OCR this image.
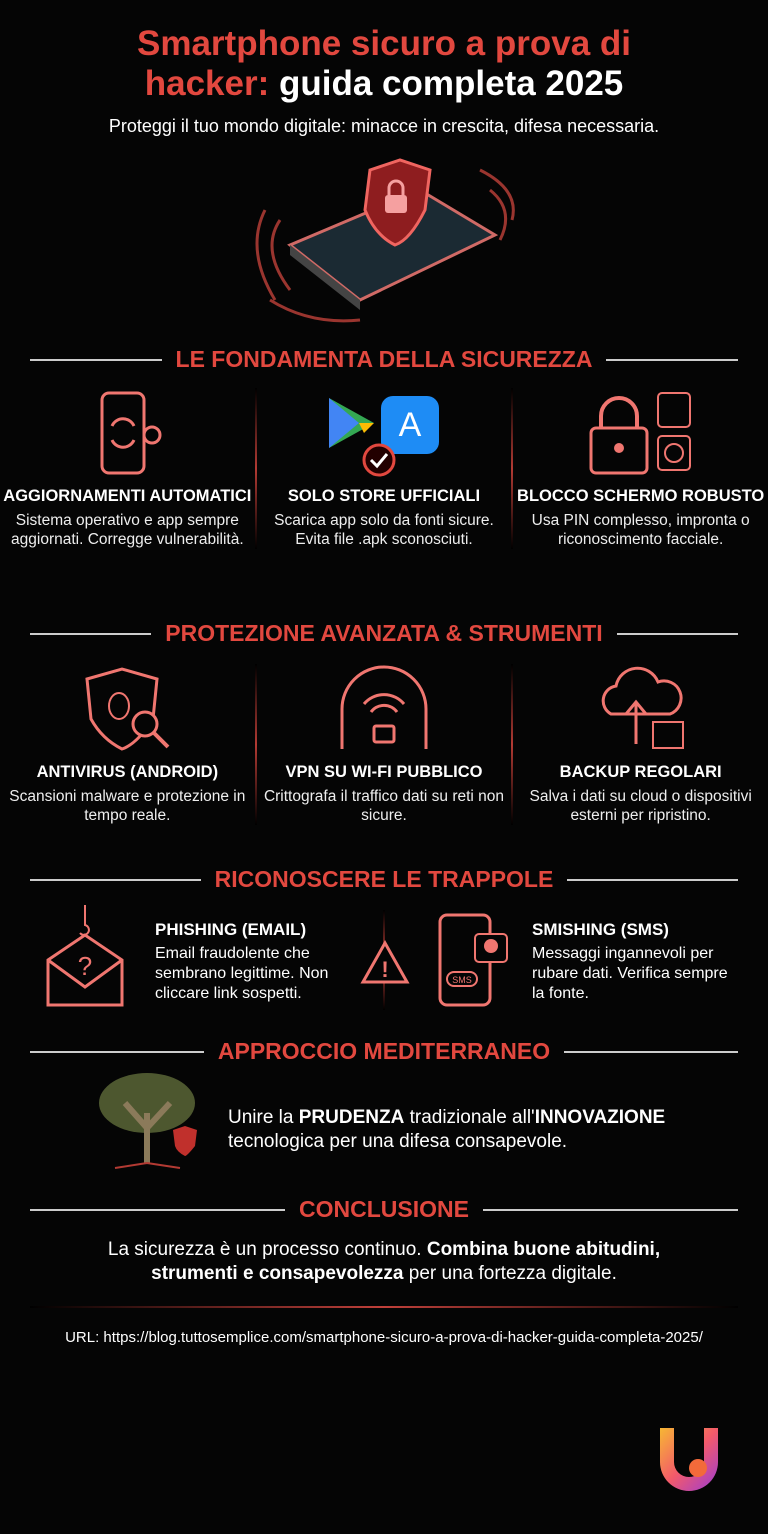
Smartphone sicuro a prova di
hacker: guida completa 2025
Proteggi il tuo mondo digitale: minacce in crescita, difesa necessaria.
LE FONDAMENTA DELLA SICUREZZA
AGGIORNAMENTI AUTOMATICI

Sistema operativo e app sempre aggiornati. Corregge vulnerabilità.

A
SOLO STORE UFFICIALI

Scarica app solo da fonti sicure. Evita file .apk sconosciuti.

BLOCCO SCHERMO ROBUSTO

Usa PIN complesso, impronta o riconoscimento facciale.

PROTEZIONE AVANZATA & STRUMENTI
ANTIVIRUS (ANDROID)

Scansioni malware e protezione in tempo reale.

VPN SU WI-FI PUBBLICO

Crittografa il traffico dati su reti non sicure.

BACKUP REGOLARI

Salva i dati su cloud o dispositivi esterni per ripristino.

RICONOSCERE LE TRAPPOLE
?
PHISHING (EMAIL)

Email fraudolente che sembrano legittime. Non cliccare link sospetti.

!	SMS
SMISHING (SMS)

Messaggi ingannevoli per rubare dati. Verifica sempre la fonte.

APPROCCIO MEDITERRANEO
Unire la PRUDENZA tradizionale all'INNOVAZIONE tecnologica per una difesa consapevole.
CONCLUSIONE
La sicurezza è un processo continuo. Combina buone abitudini, strumenti e consapevolezza per una fortezza digitale.
URL: https://blog.tuttosemplice.com/smartphone-sicuro-a-prova-di-hacker-guida-completa-2025/
